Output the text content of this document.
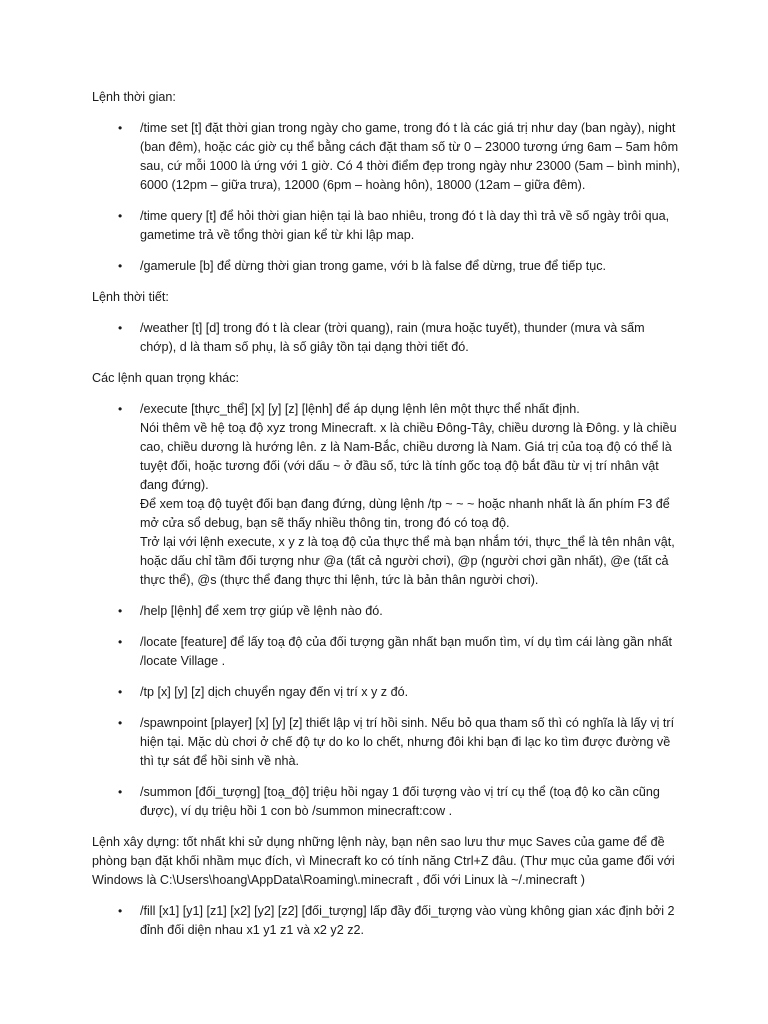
Lệnh thời gian:

• /time set [t] đặt thời gian trong ngày cho game, trong đó t là các giá trị như day (ban ngày), night (ban đêm), hoặc các giờ cụ thể bằng cách đặt tham số từ 0 – 23000 tương ứng 6am – 5am hôm sau, cứ mỗi 1000 là ứng với 1 giờ. Có 4 thời điểm đẹp trong ngày như 23000 (5am – bình minh), 6000 (12pm – giữa trưa), 12000 (6pm – hoàng hôn), 18000 (12am – giữa đêm).
• /time query [t] để hỏi thời gian hiện tại là bao nhiêu, trong đó t là day thì trả về số ngày trôi qua, gametime trả về tổng thời gian kể từ khi lập map.
• /gamerule [b] để dừng thời gian trong game, với b là false để dừng, true để tiếp tục.

Lệnh thời tiết:

• /weather [t] [d] trong đó t là clear (trời quang), rain (mưa hoặc tuyết), thunder (mưa và sấm chớp), d là tham số phụ, là số giây tồn tại dạng thời tiết đó.

Các lệnh quan trọng khác:

• /execute [thực_thể] [x] [y] [z] [lệnh] để áp dụng lệnh lên một thực thể nhất định.
Nói thêm về hệ toạ độ xyz trong Minecraft. x là chiều Đông-Tây, chiều dương là Đông. y là chiều cao, chiều dương là hướng lên. z là Nam-Bắc, chiều dương là Nam. Giá trị của toạ độ có thể là tuyệt đối, hoặc tương đối (với dấu ~ ở đầu số, tức là tính gốc toạ độ bắt đầu từ vị trí nhân vật đang đứng).
Để xem toạ độ tuyệt đối bạn đang đứng, dùng lệnh /tp ~ ~ ~ hoặc nhanh nhất là ấn phím F3 để mở cửa sổ debug, bạn sẽ thấy nhiều thông tin, trong đó có toạ độ.
Trở lại với lệnh execute, x y z là toạ độ của thực thể mà bạn nhắm tới, thực_thể là tên nhân vật, hoặc dấu chỉ tầm đối tượng như @a (tất cả người chơi), @p (người chơi gần nhất), @e (tất cả thực thể), @s (thực thể đang thực thi lệnh, tức là bản thân người chơi).
• /help [lệnh] để xem trợ giúp về lệnh nào đó.
• /locate [feature] để lấy toạ độ của đối tượng gần nhất bạn muốn tìm, ví dụ tìm cái làng gần nhất /locate Village .
• /tp [x] [y] [z] dịch chuyển ngay đến vị trí x y z đó.
• /spawnpoint [player] [x] [y] [z] thiết lập vị trí hồi sinh. Nếu bỏ qua tham số thì có nghĩa là lấy vị trí hiện tại. Mặc dù chơi ở chế độ tự do ko lo chết, nhưng đôi khi bạn đi lạc ko tìm được đường về thì tự sát để hồi sinh về nhà.
• /summon [đối_tượng] [toạ_độ] triệu hồi ngay 1 đối tượng vào vị trí cụ thể (toạ độ ko cần cũng được), ví dụ triệu hồi 1 con bò /summon minecraft:cow .

Lệnh xây dựng: tốt nhất khi sử dụng những lệnh này, bạn nên sao lưu thư mục Saves của game để đề phòng bạn đặt khối nhầm mục đích, vì Minecraft ko có tính năng Ctrl+Z đâu. (Thư mục của game đối với Windows là C:\Users\hoang\AppData\Roaming\.minecraft , đối với Linux là ~/.minecraft )

• /fill [x1] [y1] [z1] [x2] [y2] [z2] [đối_tượng] lấp đầy đối_tượng vào vùng không gian xác định bởi 2 đỉnh đối diện nhau x1 y1 z1 và x2 y2 z2.
